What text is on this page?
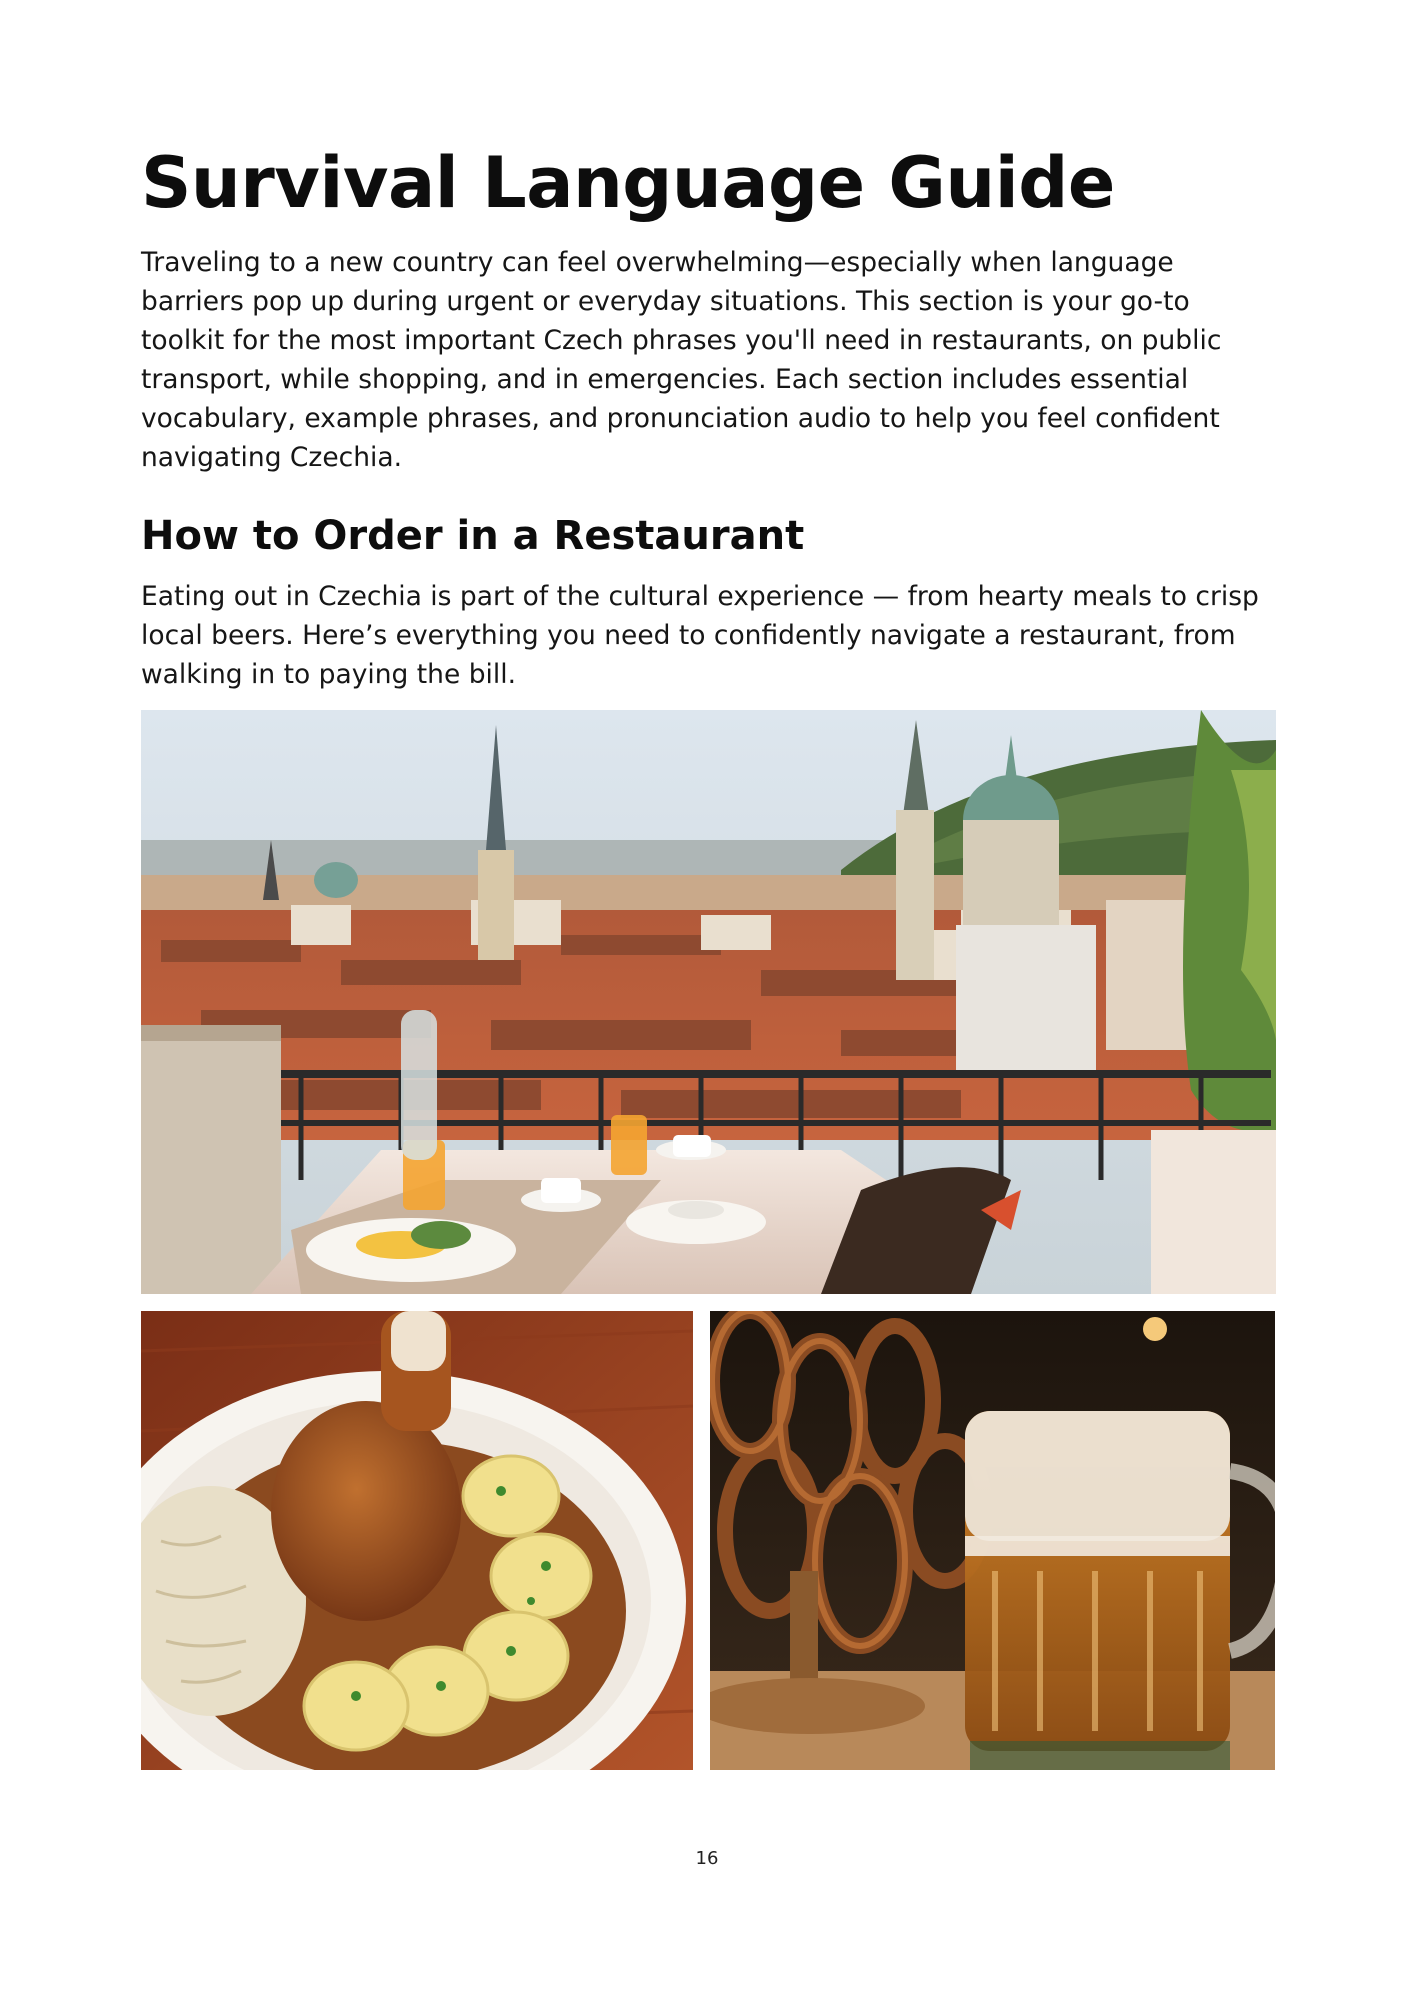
Survival Language Guide

Traveling to a new country can feel overwhelming—especially when language barriers pop up during urgent or everyday situations. This section is your go-to toolkit for the most important Czech phrases you'll need in restaurants, on public transport, while shopping, and in emergencies. Each section includes essential vocabulary, example phrases, and pronunciation audio to help you feel confident navigating Czechia.

How to Order in a Restaurant

Eating out in Czechia is part of the cultural experience — from hearty meals to crisp local beers. Here’s everything you need to confidently navigate a restaurant, from walking in to paying the bill.

16
